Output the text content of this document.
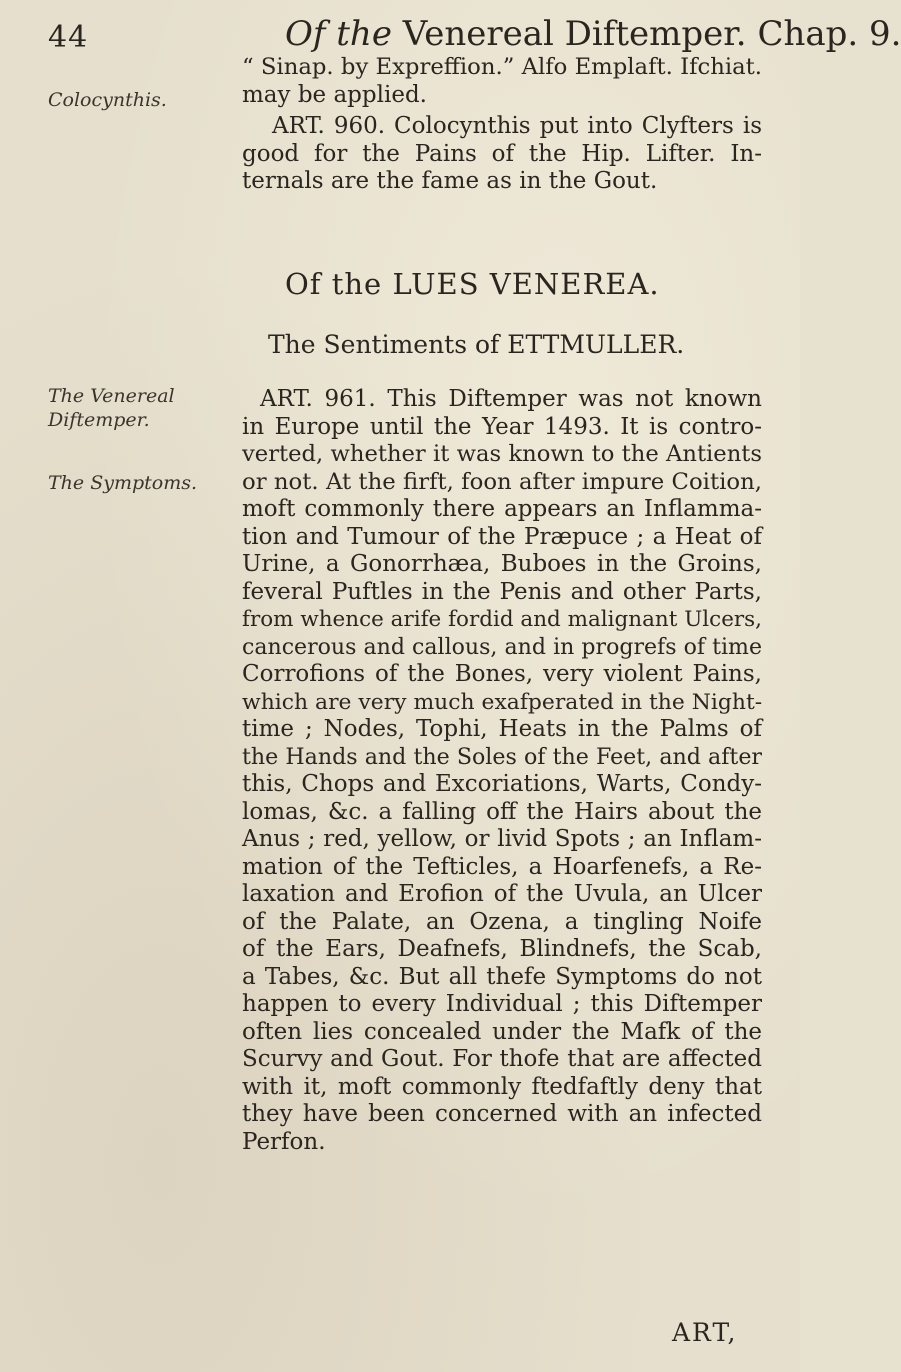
44	Of the Venereal Diftemper. Chap. 9.
Colocynthis.
The Venereal
Diftemper.
The Symptoms.
“ Sinap. by Expreffion.” Alfo Emplaft. Ifchiat.
may be applied.
ART. 960. Colocynthis put into Clyfters is
good for the Pains of the Hip. Lifter. In-
ternals are the fame as in the Gout.
Of the LUES VENEREA.
The Sentiments of ETTMULLER.
ART. 961. This Diftemper was not known
in Europe until the Year 1493. It is contro-
verted, whether it was known to the Antients
or not. At the firft, foon after impure Coition,
moft commonly there appears an Inflamma-
tion and Tumour of the Præpuce ; a Heat of
Urine, a Gonorrhæa, Buboes in the Groins,
feveral Puftles in the Penis and other Parts,
from whence arife fordid and malignant Ulcers,
cancerous and callous, and in progrefs of time
Corrofions of the Bones, very violent Pains,
which are very much exafperated in the Night-
time ; Nodes, Tophi, Heats in the Palms of
the Hands and the Soles of the Feet, and after
this, Chops and Excoriations, Warts, Condy-
lomas, &c. a falling off the Hairs about the
Anus ; red, yellow, or livid Spots ; an Inflam-
mation of the Tefticles, a Hoarfenefs, a Re-
laxation and Erofion of the Uvula, an Ulcer
of the Palate, an Ozena, a tingling Noife
of the Ears, Deafnefs, Blindnefs, the Scab,
a Tabes, &c. But all thefe Symptoms do not
happen to every Individual ; this Diftemper
often lies concealed under the Mafk of the
Scurvy and Gout. For thofe that are affected
with it, moft commonly ftedfaftly deny that
they have been concerned with an infected
Perfon.
ART,
